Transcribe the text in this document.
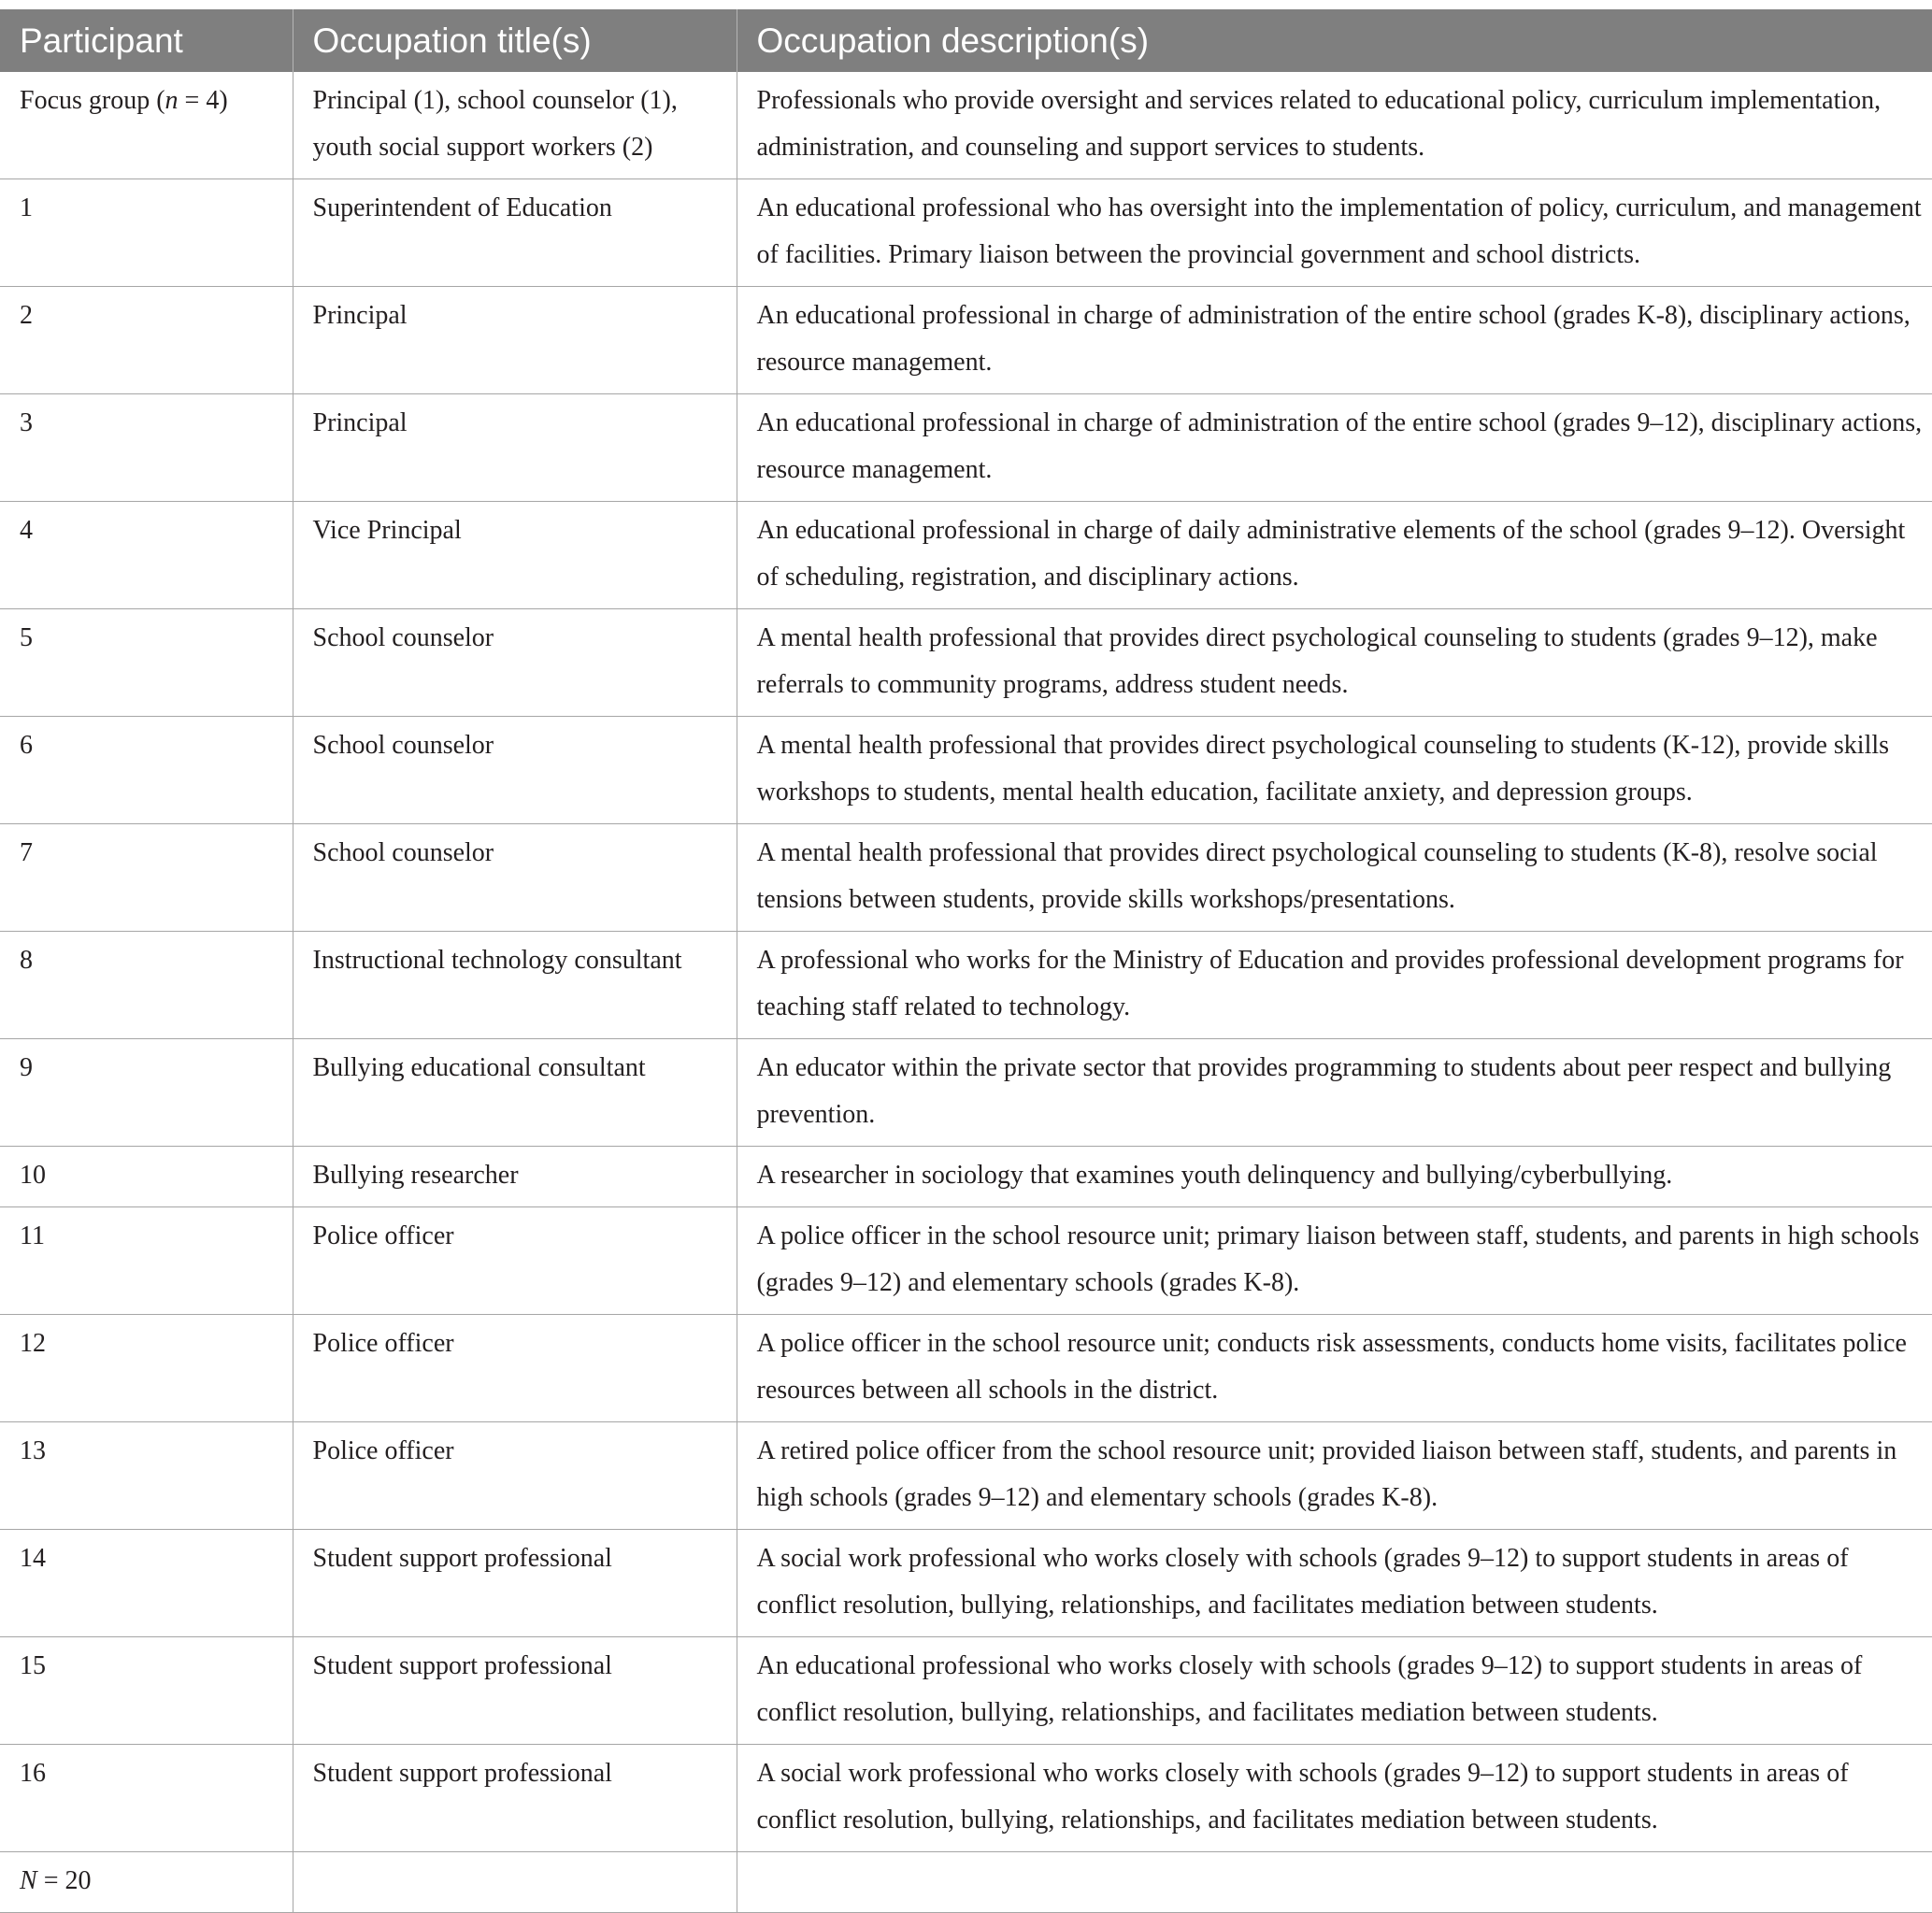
Participant	Occupation title(s)	Occupation description(s)
Focus group (n = 4)	Principal (1), school counselor (1), youth social support workers (2)	Professionals who provide oversight and services related to educational policy, curriculum implementation, administration, and counseling and support services to students.
1	Superintendent of Education	An educational professional who has oversight into the implementation of policy, curriculum, and management of facilities. Primary liaison between the provincial government and school districts.
2	Principal	An educational professional in charge of administration of the entire school (grades K-8), disciplinary actions, resource management.
3	Principal	An educational professional in charge of administration of the entire school (grades 9–12), disciplinary actions, resource management.
4	Vice Principal	An educational professional in charge of daily administrative elements of the school (grades 9–12). Oversight of scheduling, registration, and disciplinary actions.
5	School counselor	A mental health professional that provides direct psychological counseling to students (grades 9–12), make referrals to community programs, address student needs.
6	School counselor	A mental health professional that provides direct psychological counseling to students (K-12), provide skills workshops to students, mental health education, facilitate anxiety, and depression groups.
7	School counselor	A mental health professional that provides direct psychological counseling to students (K-8), resolve social tensions between students, provide skills workshops/presentations.
8	Instructional technology consultant	A professional who works for the Ministry of Education and provides professional development programs for teaching staff related to technology.
9	Bullying educational consultant	An educator within the private sector that provides programming to students about peer respect and bullying prevention.
10	Bullying researcher	A researcher in sociology that examines youth delinquency and bullying/cyberbullying.
11	Police officer	A police officer in the school resource unit; primary liaison between staff, students, and parents in high schools (grades 9–12) and elementary schools (grades K-8).
12	Police officer	A police officer in the school resource unit; conducts risk assessments, conducts home visits, facilitates police resources between all schools in the district.
13	Police officer	A retired police officer from the school resource unit; provided liaison between staff, students, and parents in high schools (grades 9–12) and elementary schools (grades K-8).
14	Student support professional	A social work professional who works closely with schools (grades 9–12) to support students in areas of conflict resolution, bullying, relationships, and facilitates mediation between students.
15	Student support professional	An educational professional who works closely with schools (grades 9–12) to support students in areas of conflict resolution, bullying, relationships, and facilitates mediation between students.
16	Student support professional	A social work professional who works closely with schools (grades 9–12) to support students in areas of conflict resolution, bullying, relationships, and facilitates mediation between students.
N = 20		
